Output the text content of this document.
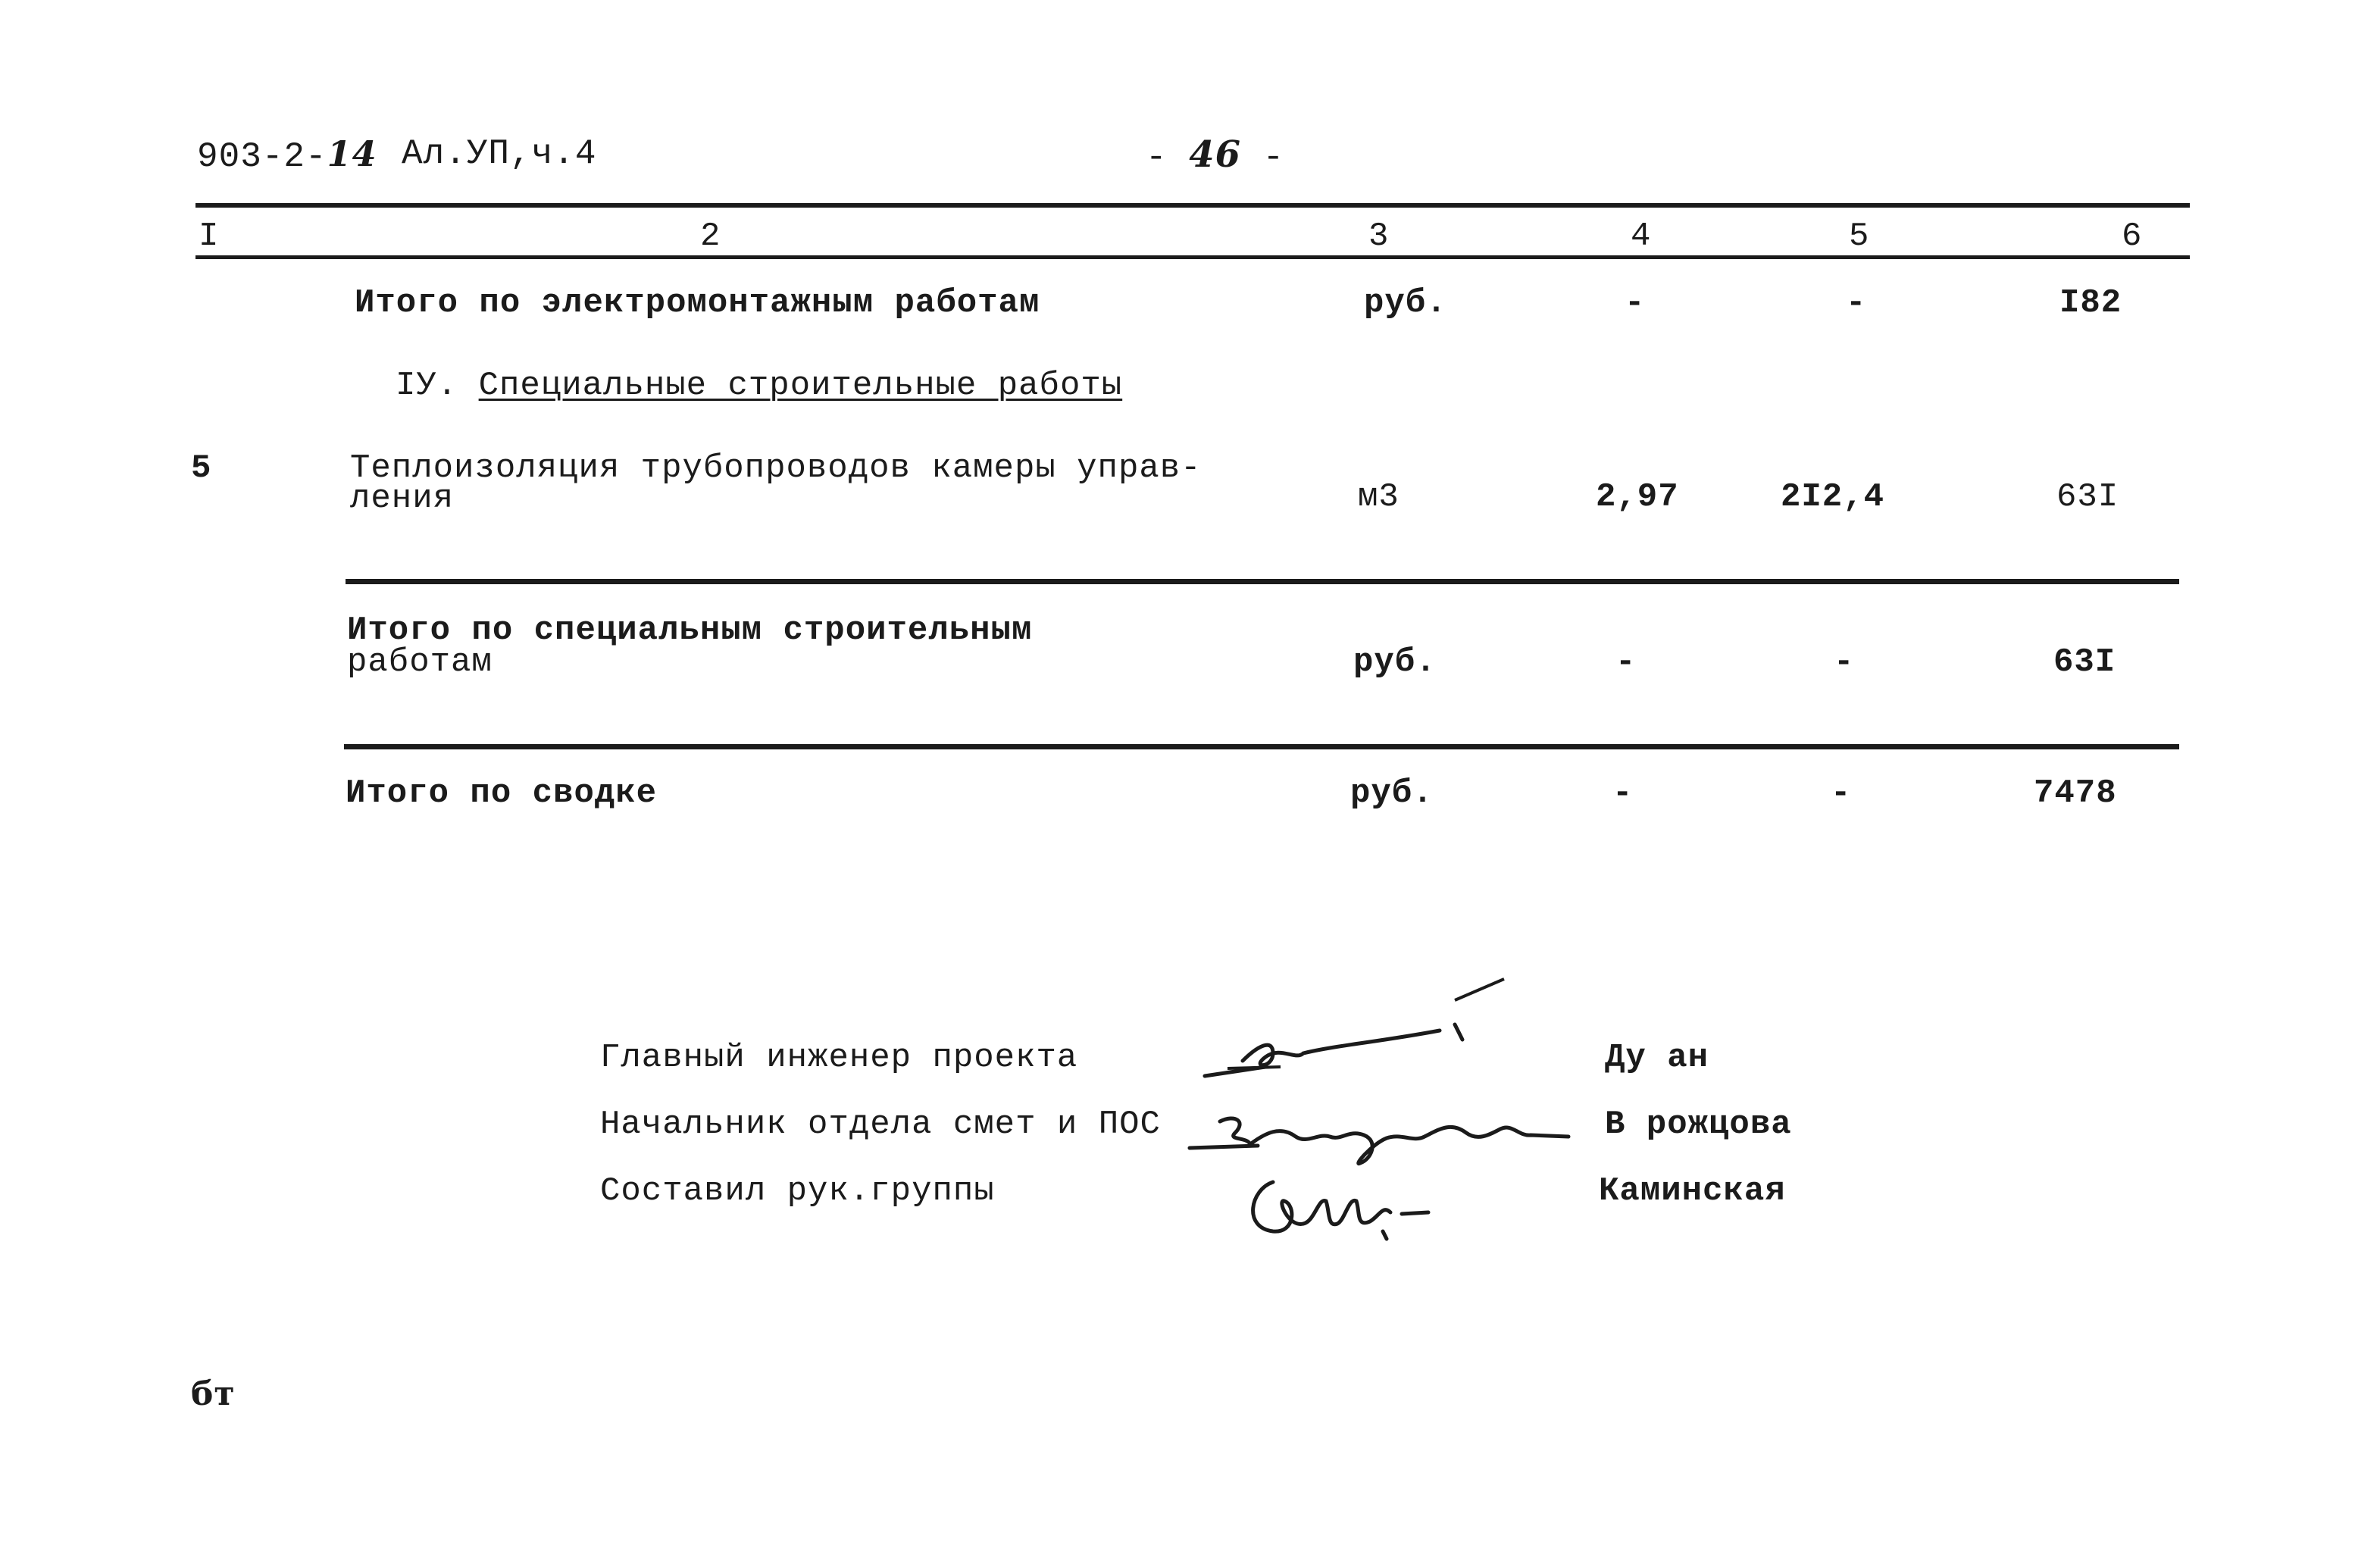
903-2-14 Ал.УП,ч.4	- 46 -
I	2	3	4	5	6
Итого по электромонтажным работам	руб.	-	-	I82
IУ. Специальные строительные работы
5	Теплоизоляция трубопроводов камеры управ-
ления	м3	2,97	2I2,4	63I
Итого по специальным строительным
работам	руб.	-	-	63I
Итого по сводке	руб.	-	-	7478
Главный инженер проекта	Ду ан
Начальник отдела смет и ПОС	В рожцова
Составил рук.группы	Каминская
бт
